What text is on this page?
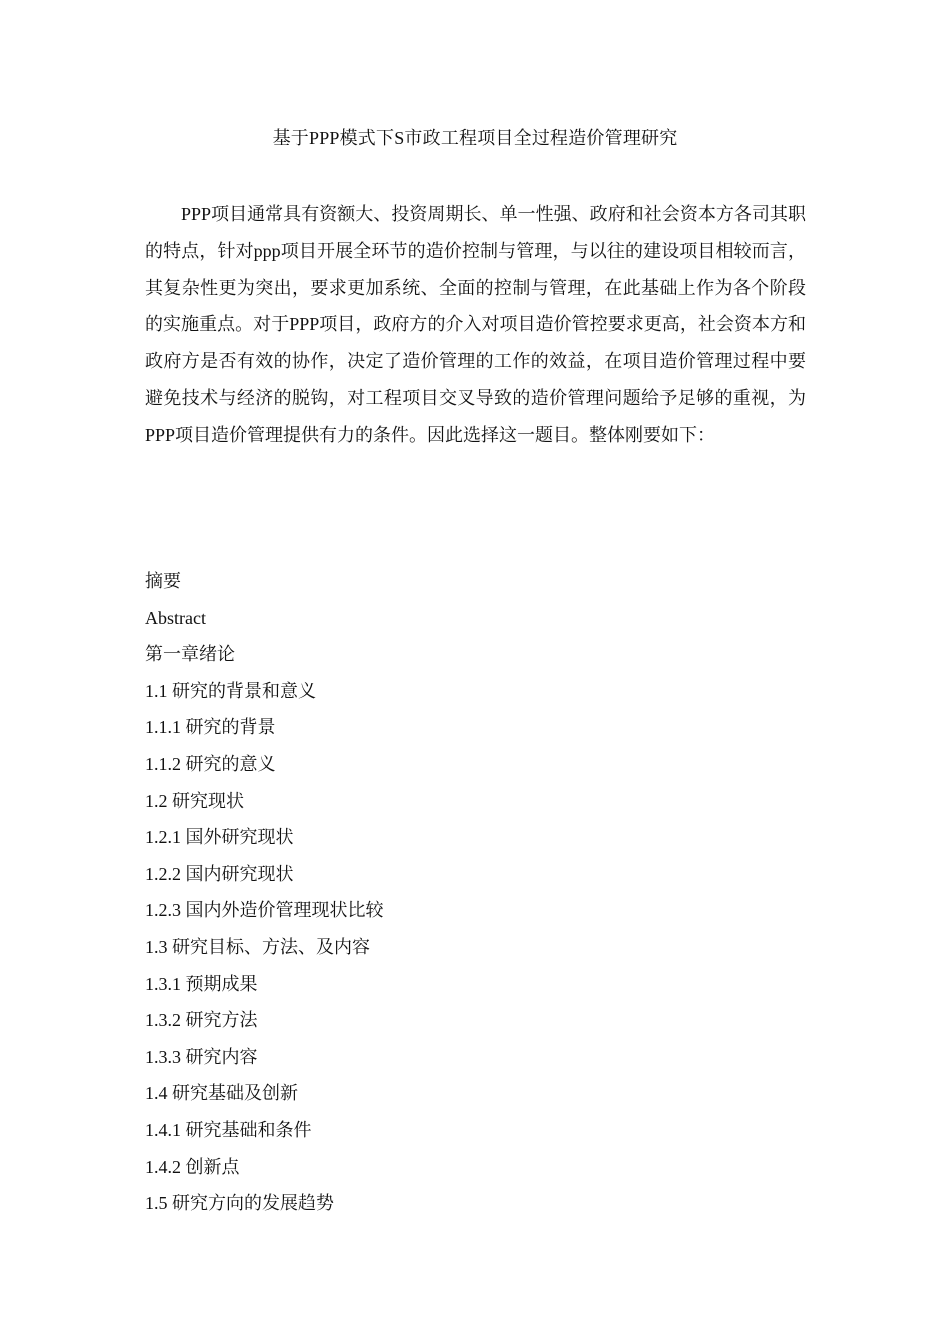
基于PPP模式下S市政工程项目全过程造价管理研究

PPP项目通常具有资额大、投资周期长、单一性强、政府和社会资本方各司其职的特点，针对ppp项目开展全环节的造价控制与管理，与以往的建设项目相较而言，其复杂性更为突出，要求更加系统、全面的控制与管理，在此基础上作为各个阶段的实施重点。对于PPP项目，政府方的介入对项目造价管控要求更高，社会资本方和政府方是否有效的协作，决定了造价管理的工作的效益，在项目造价管理过程中要避免技术与经济的脱钩，对工程项目交叉导致的造价管理问题给予足够的重视，为PPP项目造价管理提供有力的条件。因此选择这一题目。整体刚要如下：

摘要
Abstract
第一章绪论
1.1 研究的背景和意义
1.1.1 研究的背景
1.1.2 研究的意义
1.2 研究现状
1.2.1 国外研究现状
1.2.2 国内研究现状
1.2.3 国内外造价管理现状比较
1.3 研究目标、方法、及内容
1.3.1 预期成果
1.3.2 研究方法
1.3.3 研究内容
1.4 研究基础及创新
1.4.1 研究基础和条件
1.4.2 创新点
1.5 研究方向的发展趋势
